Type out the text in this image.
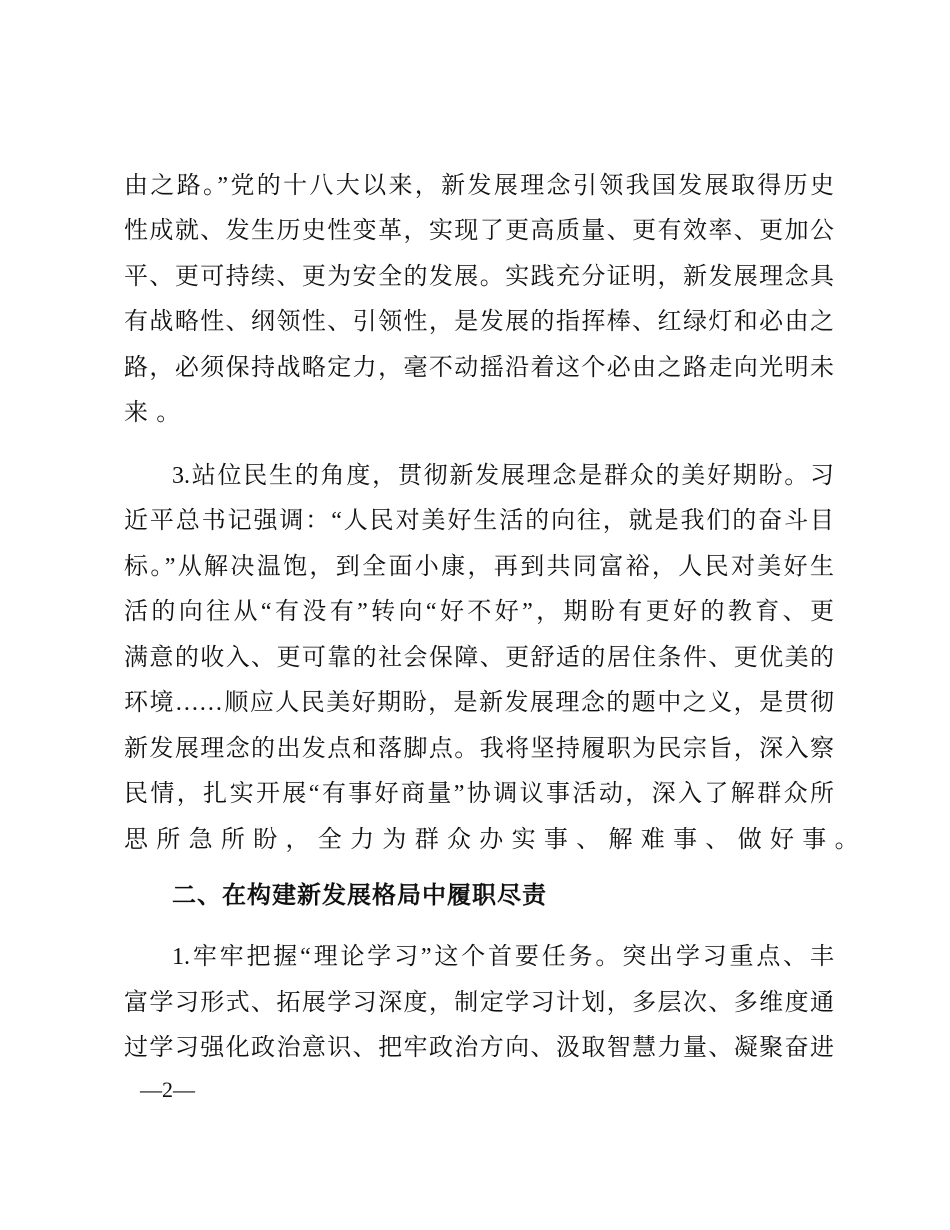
由之路。”党的十八大以来，新发展理念引领我国发展取得历史
性成就、发生历史性变革，实现了更高质量、更有效率、更加公
平、更可持续、更为安全的发展。实践充分证明，新发展理念具
有战略性、纲领性、引领性，是发展的指挥棒、红绿灯和必由之
路，必须保持战略定力，毫不动摇沿着这个必由之路走向光明未
来。
3.站位民生的角度，贯彻新发展理念是群众的美好期盼。习
近平总书记强调：“人民对美好生活的向往，就是我们的奋斗目
标。”从解决温饱，到全面小康，再到共同富裕，人民对美好生
活的向往从“有没有”转向“好不好”，期盼有更好的教育、更
满意的收入、更可靠的社会保障、更舒适的居住条件、更优美的
环境……顺应人民美好期盼，是新发展理念的题中之义，是贯彻
新发展理念的出发点和落脚点。我将坚持履职为民宗旨，深入察
民情，扎实开展“有事好商量”协调议事活动，深入了解群众所
思所急所盼，全力为群众办实事、解难事、做好事。
二、在构建新发展格局中履职尽责
1.牢牢把握“理论学习”这个首要任务。突出学习重点、丰
富学习形式、拓展学习深度，制定学习计划，多层次、多维度通
过学习强化政治意识、把牢政治方向、汲取智慧力量、凝聚奋进
—2—
